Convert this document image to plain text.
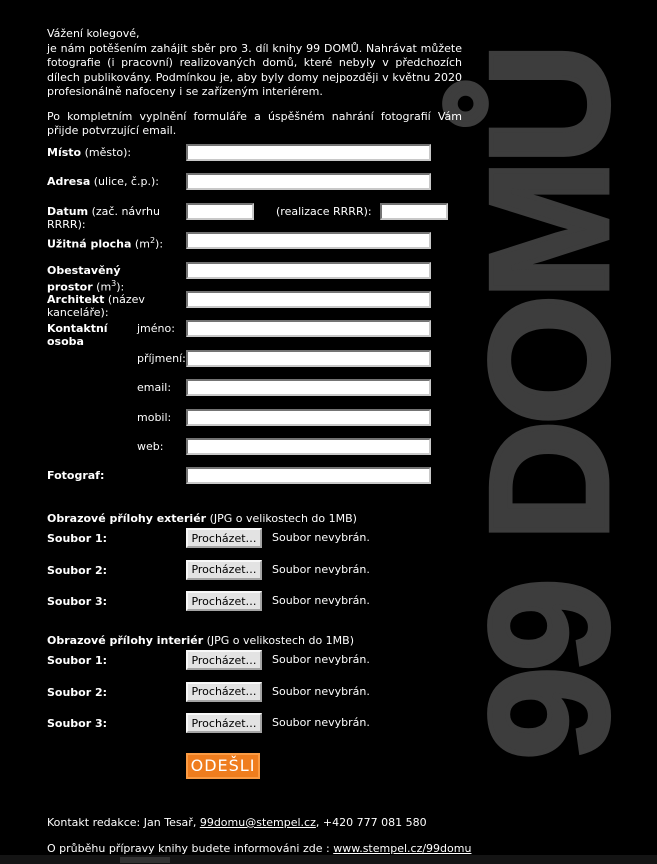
99 DOMŮ

Vážení kolegové,

je nám potěšením zahájit sběr pro 3. díl knihy 99 DOMŮ. Nahrávat můžete fotografie (i pracovní) realizovaných domů, které nebyly v předchozích dílech publikovány. Podmínkou je, aby byly domy nejpozději v květnu 2020 profesionálně nafoceny i se zařízeným interiérem.

Po kompletním vyplnění formuláře a úspěšném nahrání fotografií Vám přijde potvrzující email.

Místo (město):
Adresa (ulice, č.p.):
Datum (zač. návrhu RRRR):
(realizace RRRR):
Užitná plocha $(m^2)$:
Obestavěný prostor $(m^3)$:
Architekt (název kanceláře):
Kontaktní osoba
jméno:
příjmení:
email:
mobil:
web:
Fotograf:
Obrazové přílohy exteriér (JPG o velikostech do 1MB)
Soubor 1:	Procházet…	Soubor nevybrán.
Soubor 2:	Procházet…	Soubor nevybrán.
Soubor 3:	Procházet…	Soubor nevybrán.
Obrazové přílohy interiér (JPG o velikostech do 1MB)
Soubor 1:	Procházet…	Soubor nevybrán.
Soubor 2:	Procházet…	Soubor nevybrán.
Soubor 3:	Procházet…	Soubor nevybrán.
ODEŠLI
Kontakt redakce: Jan Tesař, 99domu@stempel.cz, +420 777 081 580
O průběhu přípravy knihy budete informováni zde : www.stempel.cz/99domu
